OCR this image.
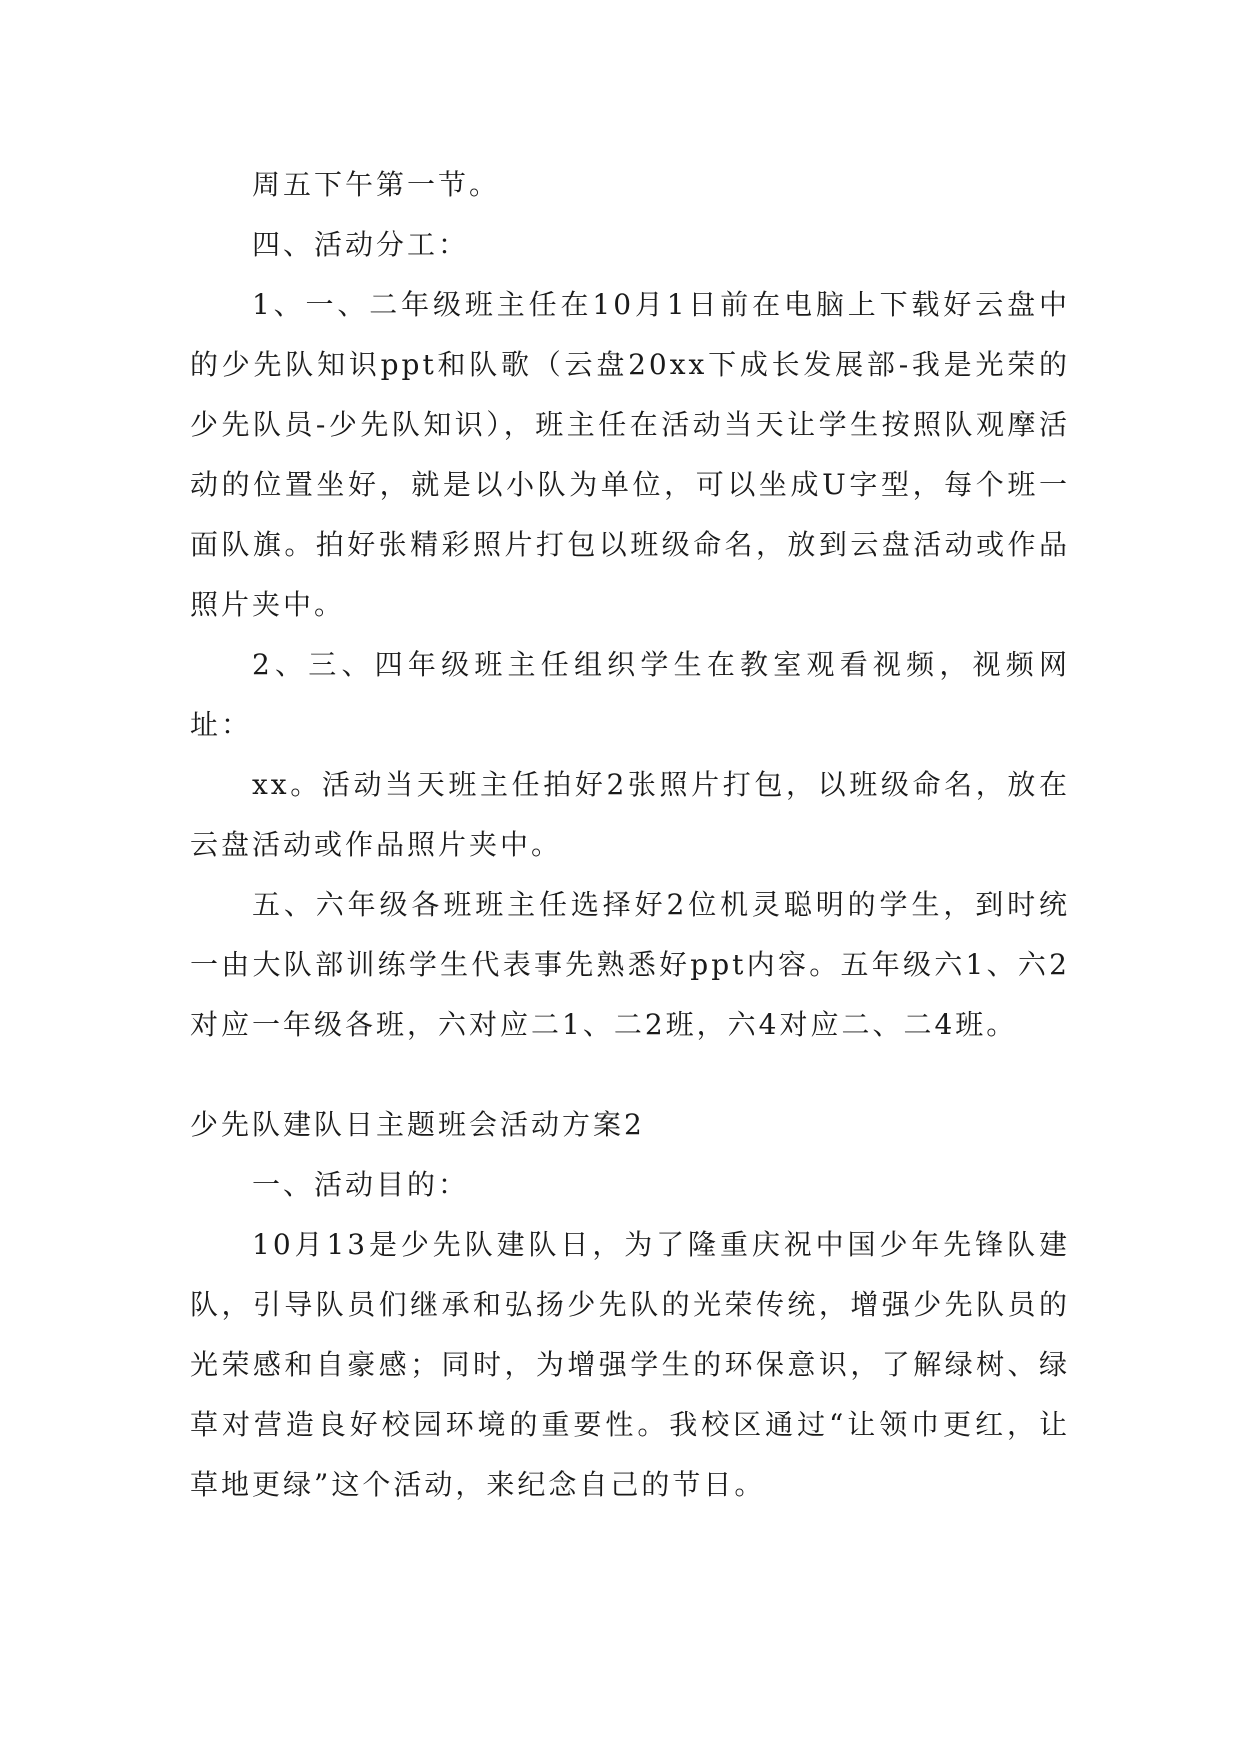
周五下午第一节。

四、活动分工：

1、一、二年级班主任在10月1日前在电脑上下载好云盘中的少先队知识ppt和队歌（云盘20xx下成长发展部-我是光荣的少先队员-少先队知识），班主任在活动当天让学生按照队观摩活动的位置坐好，就是以小队为单位，可以坐成U字型，每个班一面队旗。拍好张精彩照片打包以班级命名，放到云盘活动或作品照片夹中。

2、三、四年级班主任组织学生在教室观看视频，视频网址：

xx。活动当天班主任拍好2张照片打包，以班级命名，放在云盘活动或作品照片夹中。

五、六年级各班班主任选择好2位机灵聪明的学生，到时统一由大队部训练学生代表事先熟悉好ppt内容。五年级六1、六2对应一年级各班，六对应二1、二2班，六4对应二、二4班。

少先队建队日主题班会活动方案2

一、活动目的：

10月13是少先队建队日，为了隆重庆祝中国少年先锋队建队，引导队员们继承和弘扬少先队的光荣传统，增强少先队员的光荣感和自豪感；同时，为增强学生的环保意识，了解绿树、绿草对营造良好校园环境的重要性。我校区通过“让领巾更红，让草地更绿”这个活动，来纪念自己的节日。
